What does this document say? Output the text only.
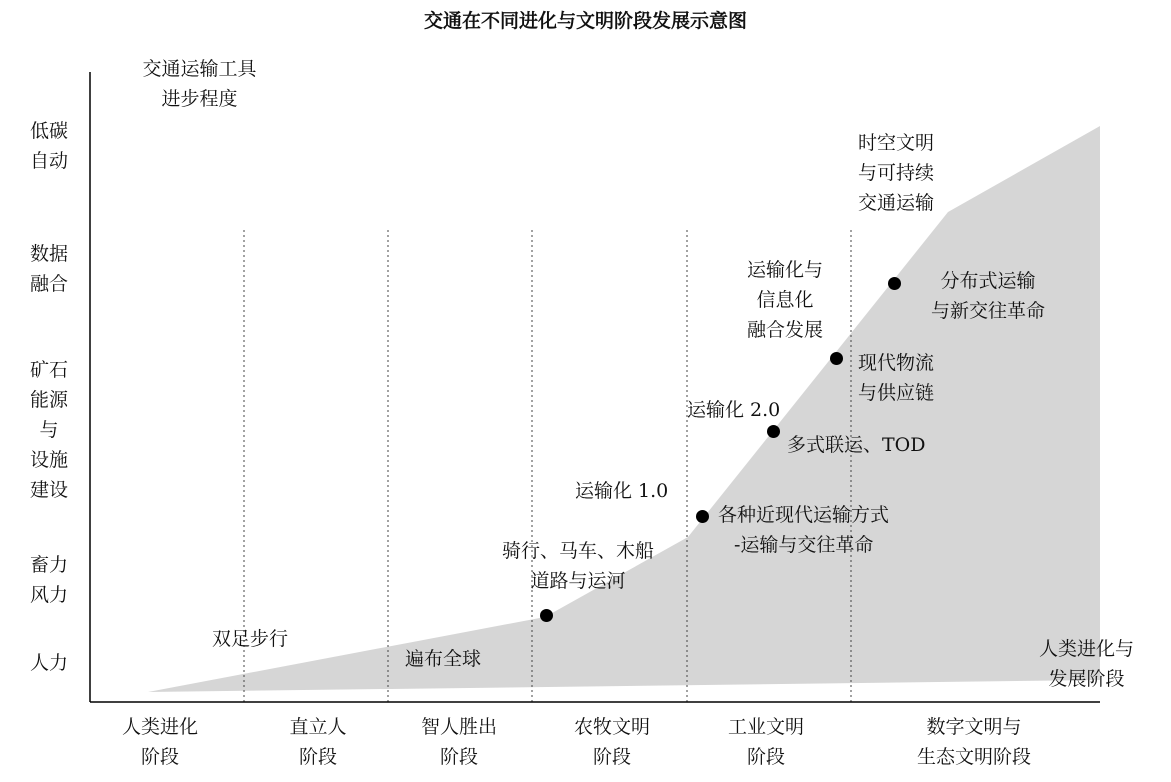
交通在不同进化与文明阶段发展示意图
交通运输工具
进步程度
低碳
自动
数据
融合
矿石
能源
与
设施
建设
畜力
风力
人力
人类进化
阶段
直立人
阶段
智人胜出
阶段
农牧文明
阶段
工业文明
阶段
数字文明与
生态文明阶段
人类进化与
发展阶段
双足步行
遍布全球
运输化 1.0
运输化 2.0
运输化与
信息化
融合发展
时空文明
与可持续
交通运输
骑行、马车、木船
道路与运河
各种近现代运输方式
-运输与交往革命
多式联运、TOD
现代物流
与供应链
分布式运输
与新交往革命
